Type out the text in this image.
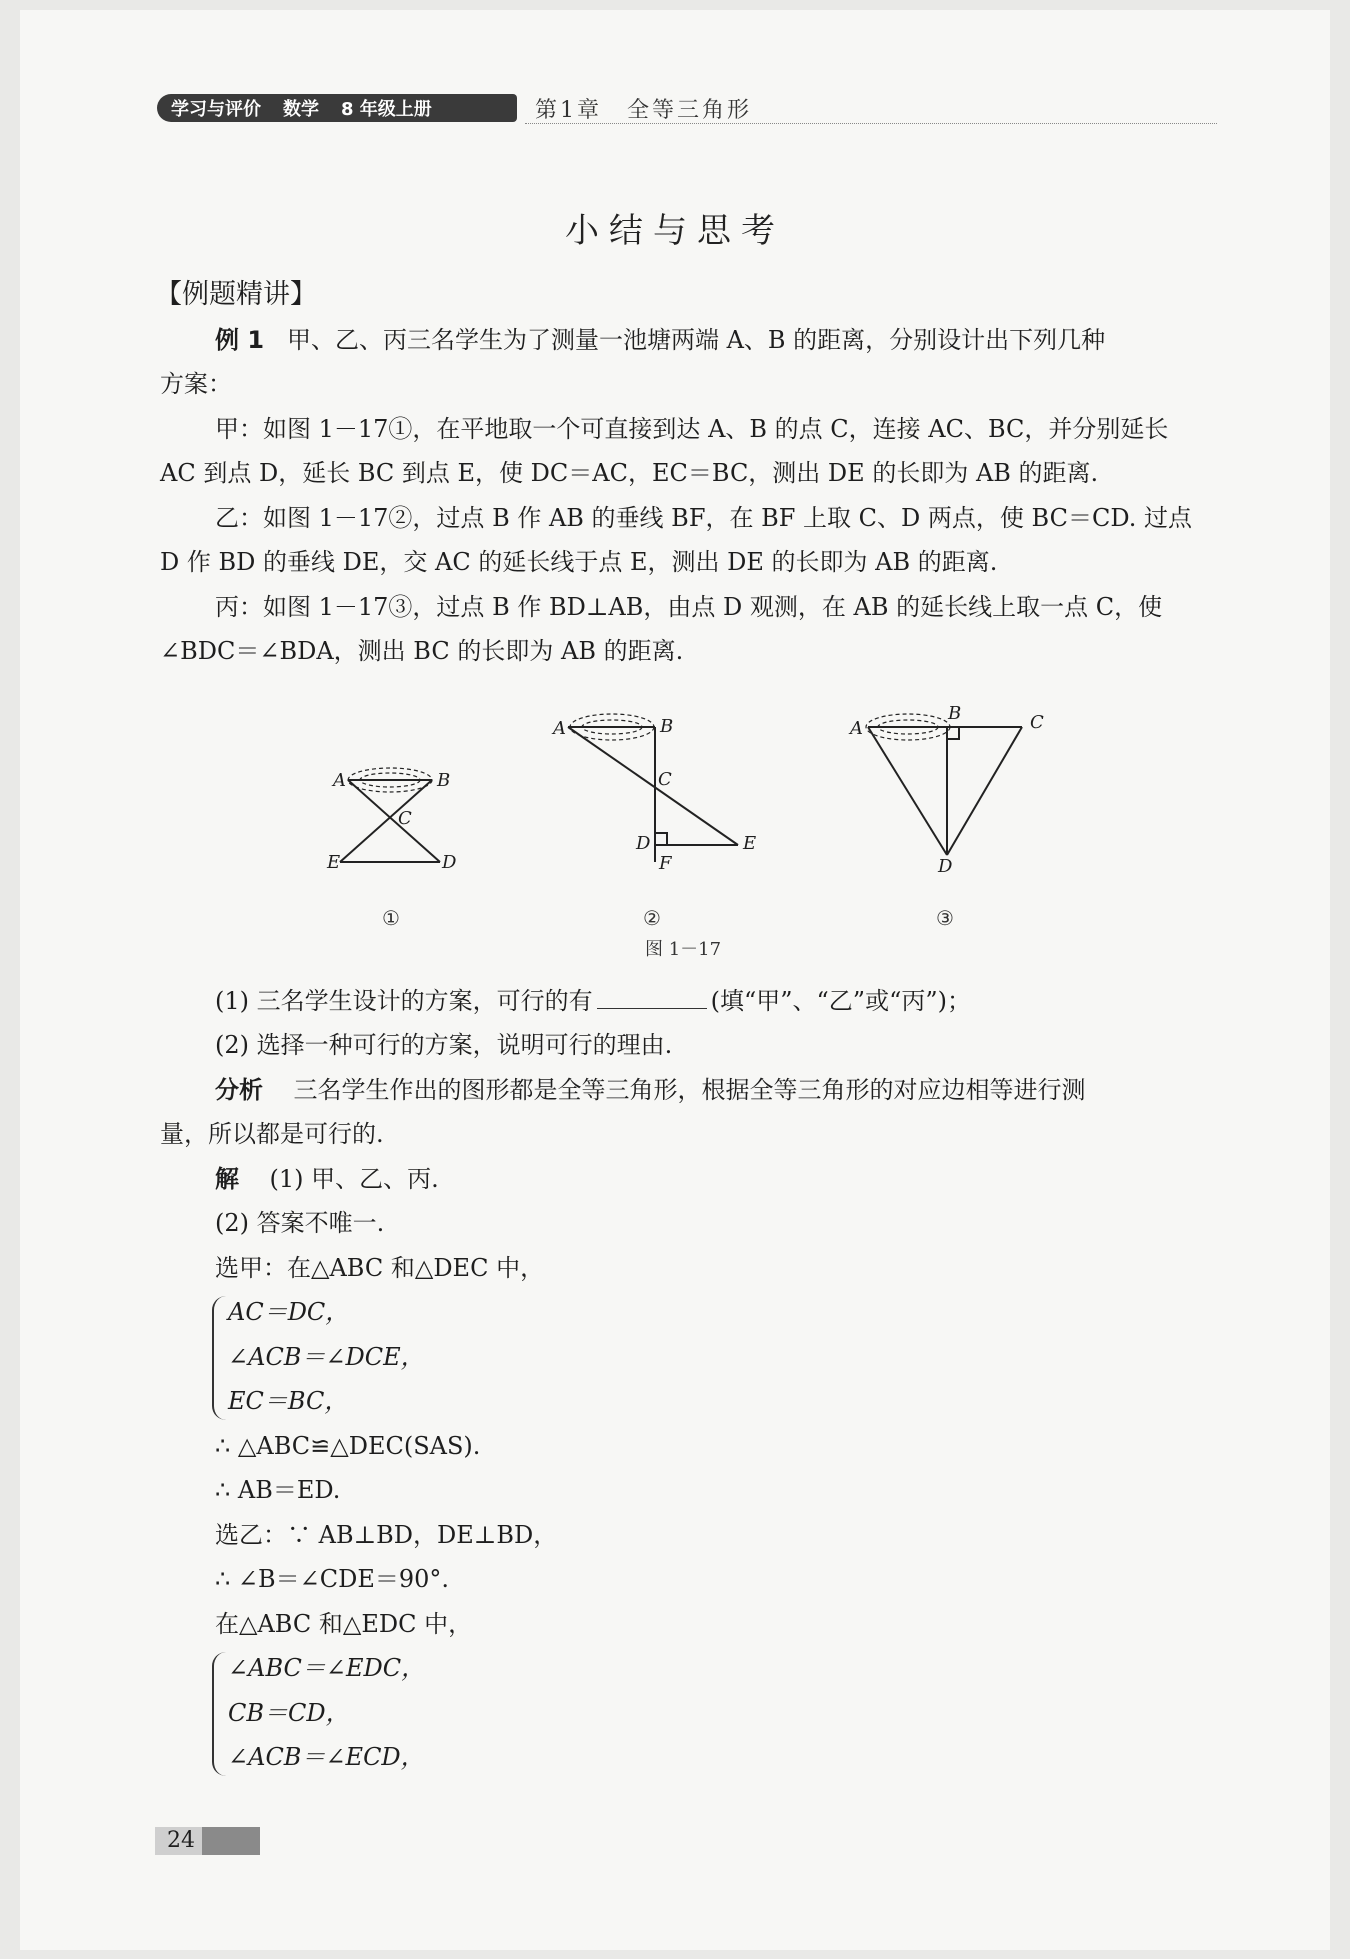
学习与评价 数学 8 年级上册	第1章　全等三角形
小结与思考
【例题精讲】
例 1 甲、乙、丙三名学生为了测量一池塘两端 A、B 的距离，分别设计出下列几种
方案：
甲：如图 1－17①，在平地取一个可直接到达 A、B 的点 C，连接 AC、BC，并分别延长
AC 到点 D，延长 BC 到点 E，使 DC＝AC，EC＝BC，测出 DE 的长即为 AB 的距离.
乙：如图 1－17②，过点 B 作 AB 的垂线 BF，在 BF 上取 C、D 两点，使 BC＝CD. 过点
D 作 BD 的垂线 DE，交 AC 的延长线于点 E，测出 DE 的长即为 AB 的距离.
丙：如图 1－17③，过点 B 作 BD⊥AB，由点 D 观测，在 AB 的延长线上取一点 C，使
∠BDC＝∠BDA，测出 BC 的长即为 AB 的距离.
A	B
C
D
E
A	B
C
D	E
F
A
B	C
D
①	②	③
图 1－17
(1) 三名学生设计的方案，可行的有	(填“甲”、“乙”或“丙”)；
(2) 选择一种可行的方案，说明可行的理由.
分析 三名学生作出的图形都是全等三角形，根据全等三角形的对应边相等进行测
量，所以都是可行的.
解 (1) 甲、乙、丙.
(2) 答案不唯一.
选甲：在△ABC 和△DEC 中，
AC＝DC，
∠ACB＝∠DCE，
EC＝BC，
∴ △ABC≌△DEC(SAS).
∴ AB＝ED.
选乙：∵ AB⊥BD，DE⊥BD，
∴ ∠B＝∠CDE＝90°.
在△ABC 和△EDC 中，
∠ABC＝∠EDC，
CB＝CD，
∠ACB＝∠ECD，
24
